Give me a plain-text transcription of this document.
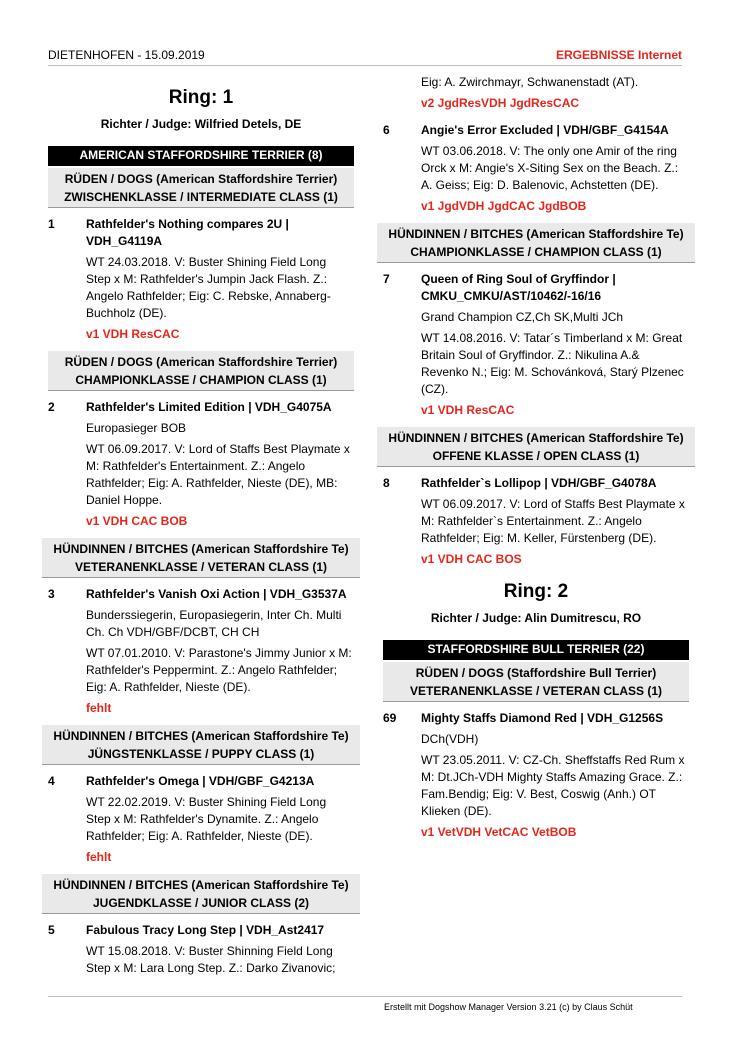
DIETENHOFEN - 15.09.2019	ERGEBNISSE Internet
Ring: 1
Richter / Judge: Wilfried Detels, DE
AMERICAN STAFFORDSHIRE TERRIER (8)
RÜDEN / DOGS (American Staffordshire Terrier)
ZWISCHENKLASSE / INTERMEDIATE CLASS (1)
1	Rathfelder's Nothing compares 2U | VDH_G4119A
WT 24.03.2018. V: Buster Shining Field Long Step x M: Rathfelder's Jumpin Jack Flash. Z.: Angelo Rathfelder; Eig: C. Rebske, Annaberg-Buchholz (DE).
v1 VDH ResCAC
RÜDEN / DOGS (American Staffordshire Terrier)
CHAMPIONKLASSE / CHAMPION CLASS (1)
2	Rathfelder's Limited Edition | VDH_G4075A
Europasieger BOB
WT 06.09.2017. V: Lord of Staffs Best Playmate x M: Rathfelder's Entertainment. Z.: Angelo Rathfelder; Eig: A. Rathfelder, Nieste (DE), MB: Daniel Hoppe.
v1 VDH CAC BOB
HÜNDINNEN / BITCHES (American Staffordshire Te)
VETERANENKLASSE / VETERAN CLASS (1)
3	Rathfelder's Vanish Oxi Action | VDH_G3537A
Bunderssiegerin, Europasiegerin, Inter Ch. Multi Ch. Ch VDH/GBF/DCBT, CH CH
WT 07.01.2010. V: Parastone's Jimmy Junior x M: Rathfelder's Peppermint. Z.: Angelo Rathfelder; Eig: A. Rathfelder, Nieste (DE).
fehlt
HÜNDINNEN / BITCHES (American Staffordshire Te)
JÜNGSTENKLASSE / PUPPY CLASS (1)
4	Rathfelder's Omega | VDH/GBF_G4213A
WT 22.02.2019. V: Buster Shining Field Long Step x M: Rathfelder's Dynamite. Z.: Angelo Rathfelder; Eig: A. Rathfelder, Nieste (DE).
fehlt
HÜNDINNEN / BITCHES (American Staffordshire Te)
JUGENDKLASSE / JUNIOR CLASS (2)
5	Fabulous Tracy Long Step | VDH_Ast2417
WT 15.08.2018. V: Buster Shinning Field Long Step x M: Lara Long Step. Z.: Darko Zivanovic;
Eig: A. Zwirchmayr, Schwanenstadt (AT).
v2 JgdResVDH JgdResCAC
6	Angie's Error Excluded | VDH/GBF_G4154A
WT 03.06.2018. V: The only one Amir of the ring Orck x M: Angie's X-Siting Sex on the Beach. Z.: A. Geiss; Eig: D. Balenovic, Achstetten (DE).
v1 JgdVDH JgdCAC JgdBOB
HÜNDINNEN / BITCHES (American Staffordshire Te)
CHAMPIONKLASSE / CHAMPION CLASS (1)
7	Queen of Ring Soul of Gryffindor | CMKU_CMKU/AST/10462/-16/16
Grand Champion CZ,Ch SK,Multi JCh
WT 14.08.2016. V: Tatar´s Timberland x M: Great Britain Soul of Gryffindor. Z.: Nikulina A.& Revenko N.; Eig: M. Schovánková, Starý Plzenec (CZ).
v1 VDH ResCAC
HÜNDINNEN / BITCHES (American Staffordshire Te)
OFFENE KLASSE / OPEN CLASS (1)
8	Rathfelder`s Lollipop | VDH/GBF_G4078A
WT 06.09.2017. V: Lord of Staffs Best Playmate x M: Rathfelder`s Entertainment. Z.: Angelo Rathfelder; Eig: M. Keller, Fürstenberg (DE).
v1 VDH CAC BOS
Ring: 2
Richter / Judge: Alin Dumitrescu, RO
STAFFORDSHIRE BULL TERRIER (22)
RÜDEN / DOGS (Staffordshire Bull Terrier)
VETERANENKLASSE / VETERAN CLASS (1)
69	Mighty Staffs Diamond Red | VDH_G1256S
DCh(VDH)
WT 23.05.2011. V: CZ-Ch. Sheffstaffs Red Rum x M: Dt.JCh-VDH Mighty Staffs Amazing Grace. Z.: Fam.Bendig; Eig: V. Best, Coswig (Anh.) OT Klieken (DE).
v1 VetVDH VetCAC VetBOB
Erstellt mit Dogshow Manager Version 3.21 (c) by Claus Schüt
